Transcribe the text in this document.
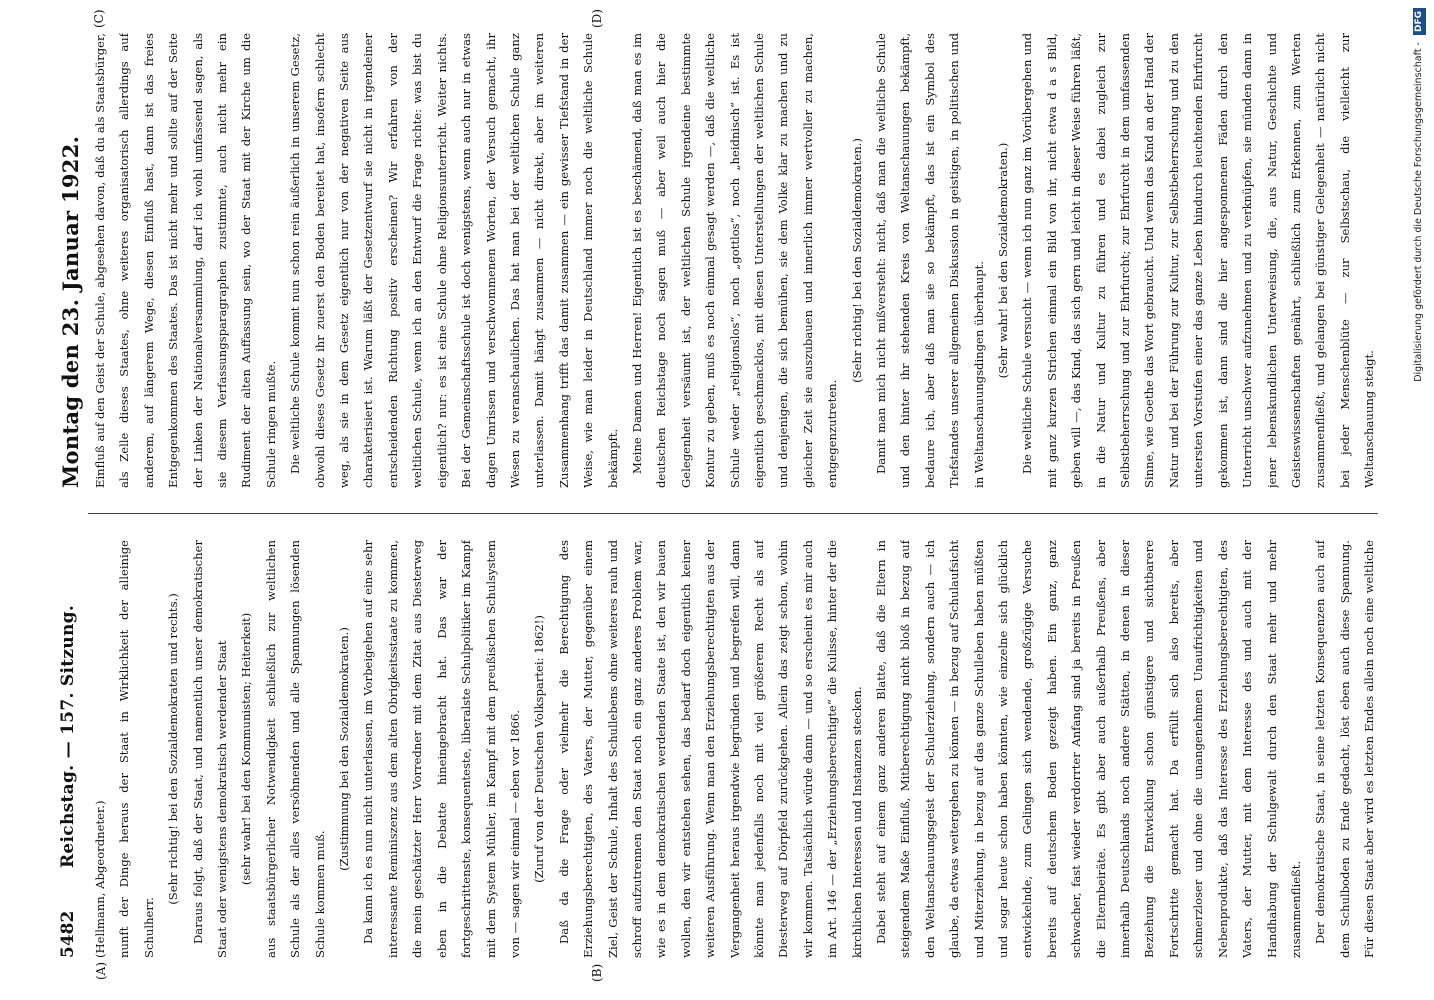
5482
Reichstag. — 157. Sitzung.
Montag den 23. Januar 1922.
(A)	(B)
(C)	(D)

(Hellmann, Abgeordneter.) nunft der Dinge heraus der Staat in Wirklichkeit der alleinige Schulherr.

(Sehr richtig! bei den Sozialdemokraten und rechts.) Daraus folgt, daß der Staat, und namentlich unser demokratischer Staat oder wenigstens demokratisch werdender Staat (sehr wahr! bei den Kommunisten; Heiterkeit) aus staatsbürgerlicher Notwendigkeit schließlich zur weltlichen Schule als der alles versöhnenden und alle Spannungen lösenden Schule kommen muß.

(Zustimmung bei den Sozialdemokraten.) Da kann ich es nun nicht unterlassen, im Vorbeigehen auf eine sehr interessante Reminiszenz aus dem alten Obrigkeitsstaate zu kommen, die mein geschätzter Herr Vorredner mit dem Zitat aus Diesterweg eben in die Debatte hineingebracht hat. Das war der fortgeschrittenste, konsequenteste, liberalste Schulpolitiker im Kampf mit dem System Mühler, im Kampf mit dem preußischen Schulsystem von — sagen wir einmal — eben vor 1866. (Zuruf von der Deutschen Volkspartei: 1862!) Daß da die Frage oder vielmehr die Berechtigung des Erziehungsberechtigten, des Vaters, der Mutter, gegenüber einem Ziel, Geist der Schule, Inhalt des Schullebens ohne weiteres rauh und schroff aufzutrennen den Staat noch ein ganz anderes Problem war, wie es in dem demokratischen werdenden Staate ist, den wir bauen wollen, den wir entstehen sehen, das bedarf doch eigentlich keiner weiteren Ausführung. Wenn man den Erziehungsberechtigten aus der Vergangenheit heraus irgendwie begründen und begreifen will, dann könnte man jedenfalls noch mit viel größerem Recht als auf Diesterweg auf Dörpfeld zurückgehen. Allein das zeigt schon, wohin wir kommen. Tatsächlich würde dann — und so erscheint es mir auch im Art. 146 — der „Erziehungsberechtigte“ die Kulisse, hinter der die kirchlichen Interessen und Instanzen stecken. Dabei steht auf einem ganz anderen Blatte, daß die Eltern in steigendem Maße Einfluß, Mitberechtigung nicht bloß in bezug auf den Weltanschauungsgeist der Schulerziehung, sondern auch — ich glaube, da etwas weitergehen zu können — in bezug auf Schulaufsicht und Miterziehung, in bezug auf das ganze Schulleben haben müßten und sogar heute schon haben könnten, wie einzelne sich glücklich entwickelnde, zum Gelingen sich wendende, großzügige Versuche bereits auf deutschem Boden gezeigt haben. Ein ganz, ganz schwacher, fast wieder verdorrter Anfang sind ja bereits in Preußen die Elternbeiräte. Es gibt aber auch außerhalb Preußens, aber innerhalb Deutschlands noch andere Stätten, in denen in dieser Beziehung die Entwicklung schon günstigere und sichtbarere Fortschritte gemacht hat. Da erfüllt sich also bereits, aber schmerzloser und ohne die unangenehmen Unaufrichtigkeiten und Nebenprodukte, daß das Interesse des Erziehungsberechtigten, des Vaters, der Mutter, mit dem Interesse des und auch mit der Handhabung der Schulgewalt durch den Staat mehr und mehr zusammenfließt. Der demokratische Staat, in seine letzten Konsequenzen auch auf dem Schulboden zu Ende gedacht, löst eben auch diese Spannung. Für diesen Staat aber wird es letzten Endes allein noch eine weltliche

Einfluß auf den Geist der Schule, abgesehen davon, daß du als Staatsbürger, als Zelle dieses Staates, ohne weiteres organisatorisch allerdings auf anderem, auf längerem Wege, diesen Einfluß hast, dann ist das freies Entgegenkommen des Staates. Das ist nicht mehr und sollte auf der Seite der Linken der Nationalversammlung, darf ich wohl umfassend sagen, als sie diesem Verfassungsparagraphen zustimmte, auch nicht mehr ein Rudiment der alten Auffassung sein, wo der Staat mit der Kirche um die Schule ringen mußte. Die weltliche Schule kommt nun schon rein äußerlich in unserem Gesetz, obwohl dieses Gesetz ihr zuerst den Boden bereitet hat, insofern schlecht weg, als sie in dem Gesetz eigentlich nur von der negativen Seite aus charakterisiert ist. Warum läßt der Gesetzentwurf sie nicht in irgendeiner entscheidenden Richtung positiv erscheinen? Wir erfahren von der weltlichen Schule, wenn ich an den Entwurf die Frage richte: was bist du eigentlich? nur: es ist eine Schule ohne Religionsunterricht. Weiter nichts. Bei der Gemeinschaftsschule ist doch wenigstens, wenn auch nur in etwas dagen Umrissen und verschwommenen Worten, der Versuch gemacht, ihr Wesen zu veranschaulichen. Das hat man bei der weltlichen Schule ganz unterlassen. Damit hängt zusammen — nicht direkt, aber im weiteren Zusammenhang trifft das damit zusammen — ein gewisser Tiefstand in der Weise, wie man leider in Deutschland immer noch die weltliche Schule bekämpft. Meine Damen und Herren! Eigentlich ist es beschämend, daß man es im deutschen Reichstage noch sagen muß — aber weil auch hier die Gelegenheit versäumt ist, der weltlichen Schule irgendeine bestimmte Kontur zu geben, muß es noch einmal gesagt werden —, daß die weltliche Schule weder „religionslos“, noch „gottlos“, noch „heidnisch“ ist. Es ist eigentlich geschmacklos, mit diesen Unterstellungen der weltlichen Schule und denjenigen, die sich bemühen, sie dem Volke klar zu machen und zu gleicher Zeit sie auszubauen und innerlich immer wertvoller zu machen, entgegenzutreten.

(Sehr richtig! bei den Sozialdemokraten.) Damit man mich nicht mißversteht: nicht, daß man die weltliche Schule und den hinter ihr stehenden Kreis von Weltanschauungen bekämpft, bedaure ich, aber daß man sie so bekämpft, das ist ein Symbol des Tiefstandes unserer allgemeinen Diskussion in geistigen, in politischen und in Weltanschauungsdingen überhaupt. (Sehr wahr! bei den Sozialdemokraten.) Die weltliche Schule versucht — wenn ich nun ganz im Vorübergehen und mit ganz kurzen Strichen einmal ein Bild von ihr, nicht etwa d a s Bild, geben will —, das Kind, das sich gern und leicht in dieser Weise führen läßt, in die Natur und Kultur zu führen und es dabei zugleich zur Selbstbeherrschung und zur Ehrfurcht; zur Ehrfurcht in dem umfassenden Sinne, wie Goethe das Wort gebraucht. Und wenn das Kind an der Hand der Natur und bei der Führung zur Kultur, zur Selbstbeherrschung und zu den untersten Vorstufen einer das ganze Leben hindurch leuchtenden Ehrfurcht gekommen ist, dann sind die hier angesponnenen Fäden durch den Unterricht unschwer aufzunehmen und zu verknüpfen, sie münden dann in jener lebenskundlichen Unterweisung, die, aus Natur, Geschichte und Geisteswissenschaften genährt, schließlich zum Erkennen, zum Werten zusammenfließt, und gelangen bei günstiger Gelegenheit — natürlich nicht bei jeder Menschenblüte — zur Selbstschau, die vielleicht zur Weltanschauung steigt.

Digitalisierung gefördert durch die Deutsche Forschungsgemeinschaft - DFG
